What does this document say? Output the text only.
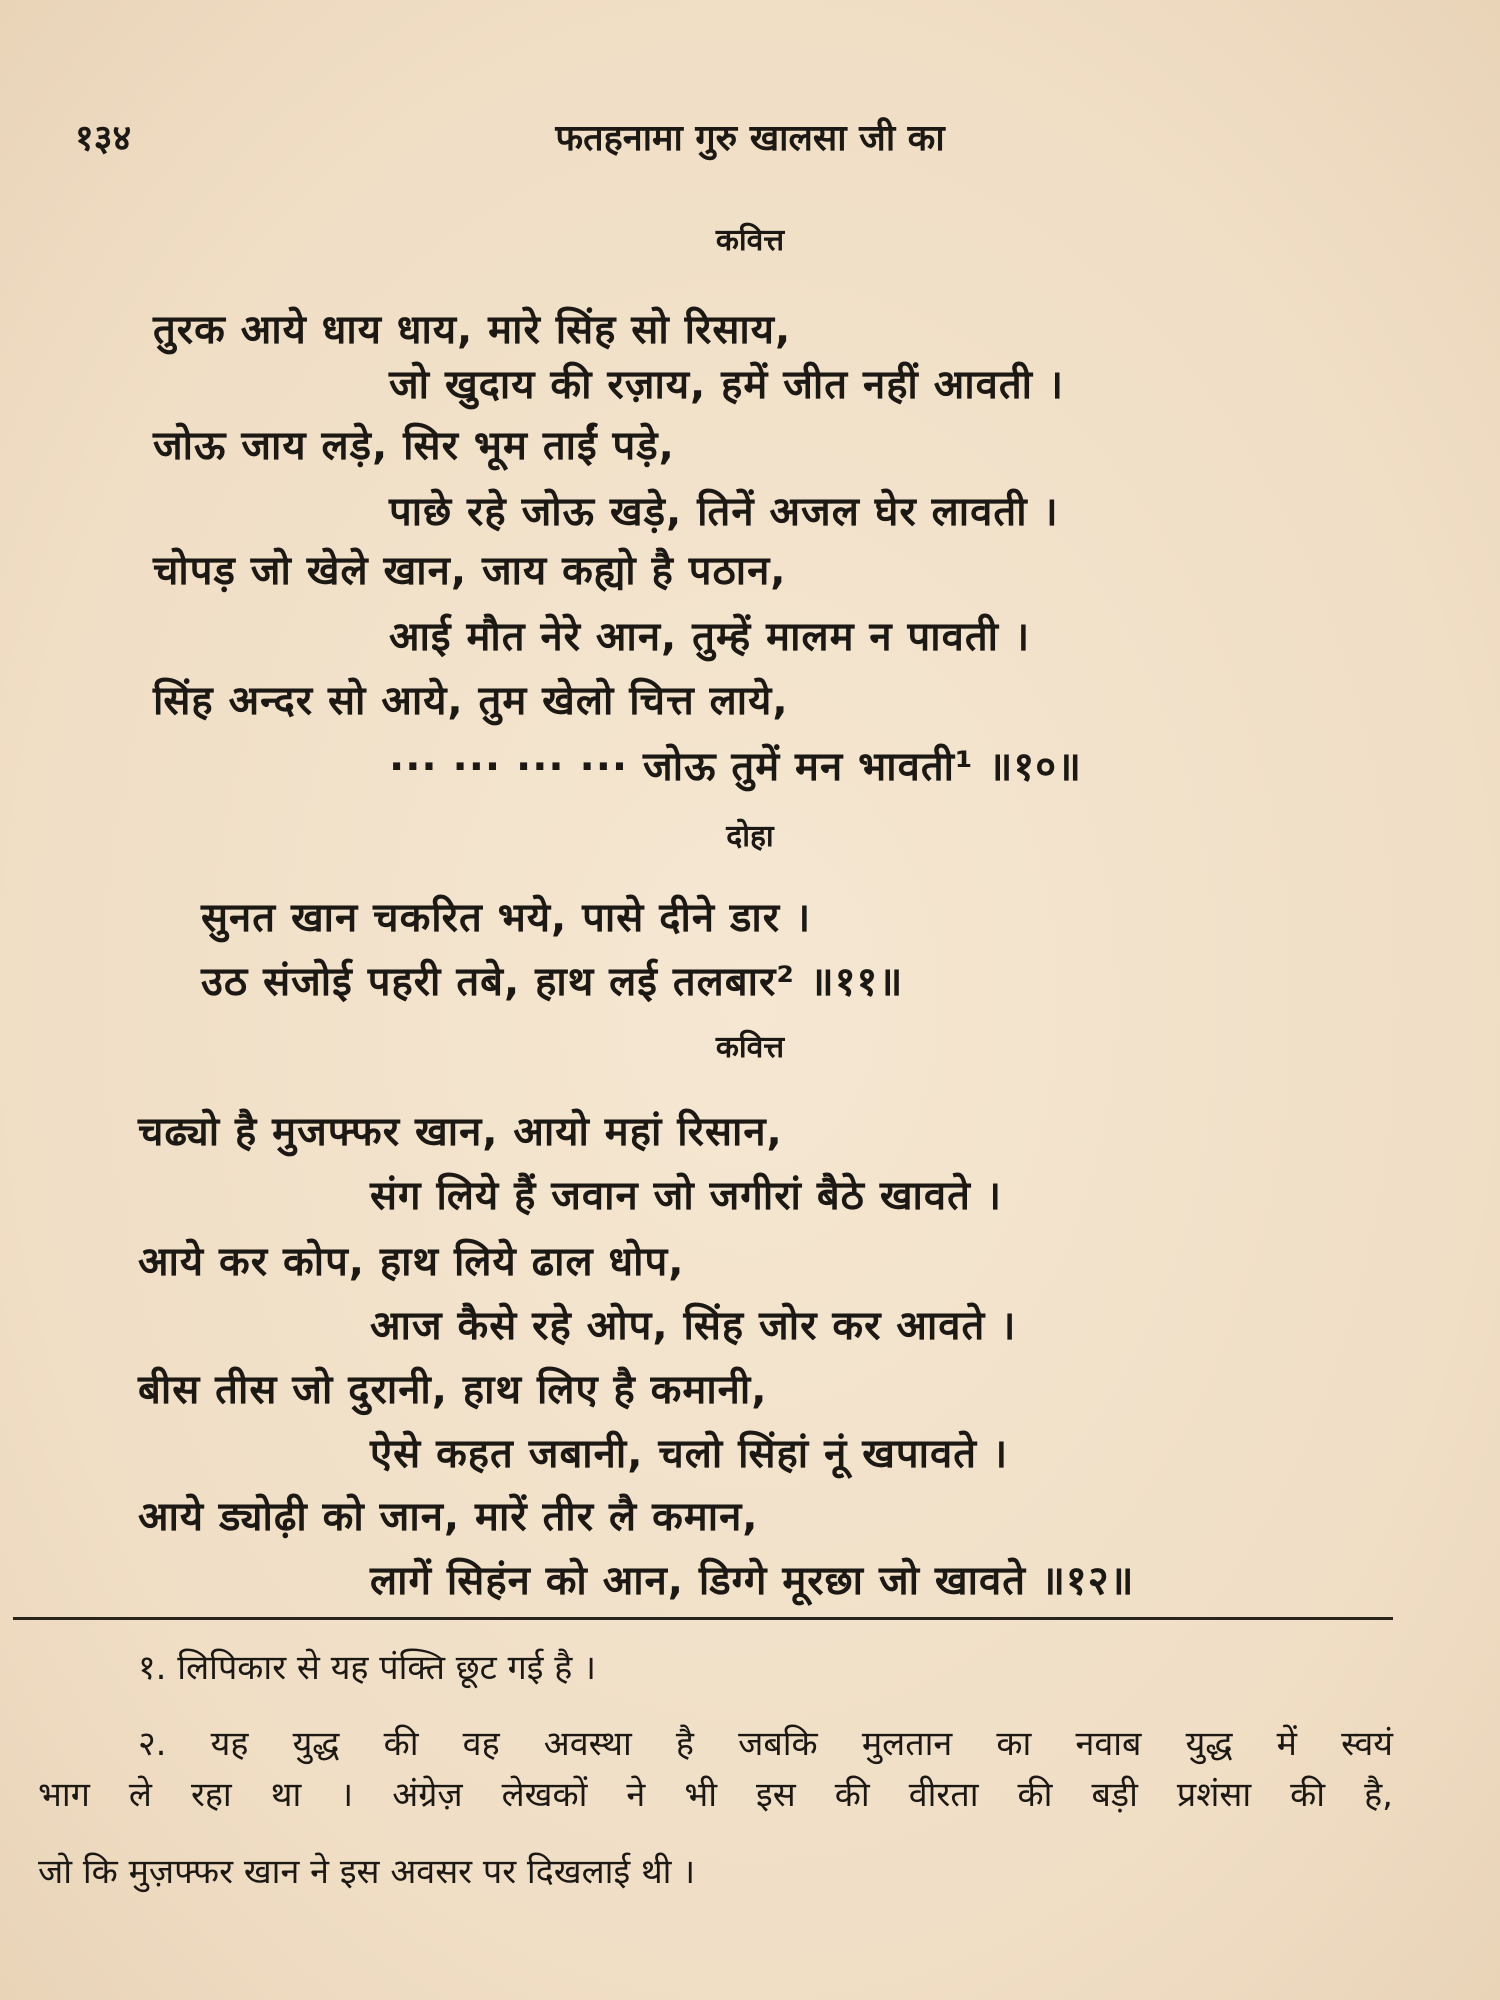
१३४	फतहनामा गुरु खालसा जी का
कवित्त
तुरक आये धाय धाय, मारे सिंह सो रिसाय,
जो खुदाय की रज़ाय, हमें जीत नहीं आवती ।
जोऊ जाय लड़े, सिर भूम ताईं पड़े,
पाछे रहे जोऊ खड़े, तिनें अजल घेर लावती ।
चोपड़ जो खेले खान, जाय कह्यो है पठान,
आई मौत नेरे आन, तुम्हें मालम न पावती ।
सिंह अन्दर सो आये, तुम खेलो चित्त लाये,
··· ··· ··· ··· जोऊ तुमें मन भावती¹ ॥१०॥
दोहा
सुनत खान चकरित भये, पासे दीने डार ।
उठ संजोई पहरी तबे, हाथ लई तलबार² ॥११॥
कवित्त
चढ्यो है मुजफ्फर खान, आयो महां रिसान,
संग लिये हैं जवान जो जगीरां बैठे खावते ।
आये कर कोप, हाथ लिये ढाल धोप,
आज कैसे रहे ओप, सिंह जोर कर आवते ।
बीस तीस जो दुरानी, हाथ लिए है कमानी,
ऐसे कहत जबानी, चलो सिंहां नूं खपावते ।
आये ड्योढ़ी को जान, मारें तीर लै कमान,
लागें सिहंन को आन, डिग्गे मूरछा जो खावते ॥१२॥
१. लिपिकार से यह पंक्ति छूट गई है ।
२. यह युद्ध की वह अवस्था है जबकि मुलतान का नवाब युद्ध में स्वयं
भाग ले रहा था । अंग्रेज़ लेखकों ने भी इस की वीरता की बड़ी प्रशंसा की है,
जो कि मुज़फ्फर खान ने इस अवसर पर दिखलाई थी ।
